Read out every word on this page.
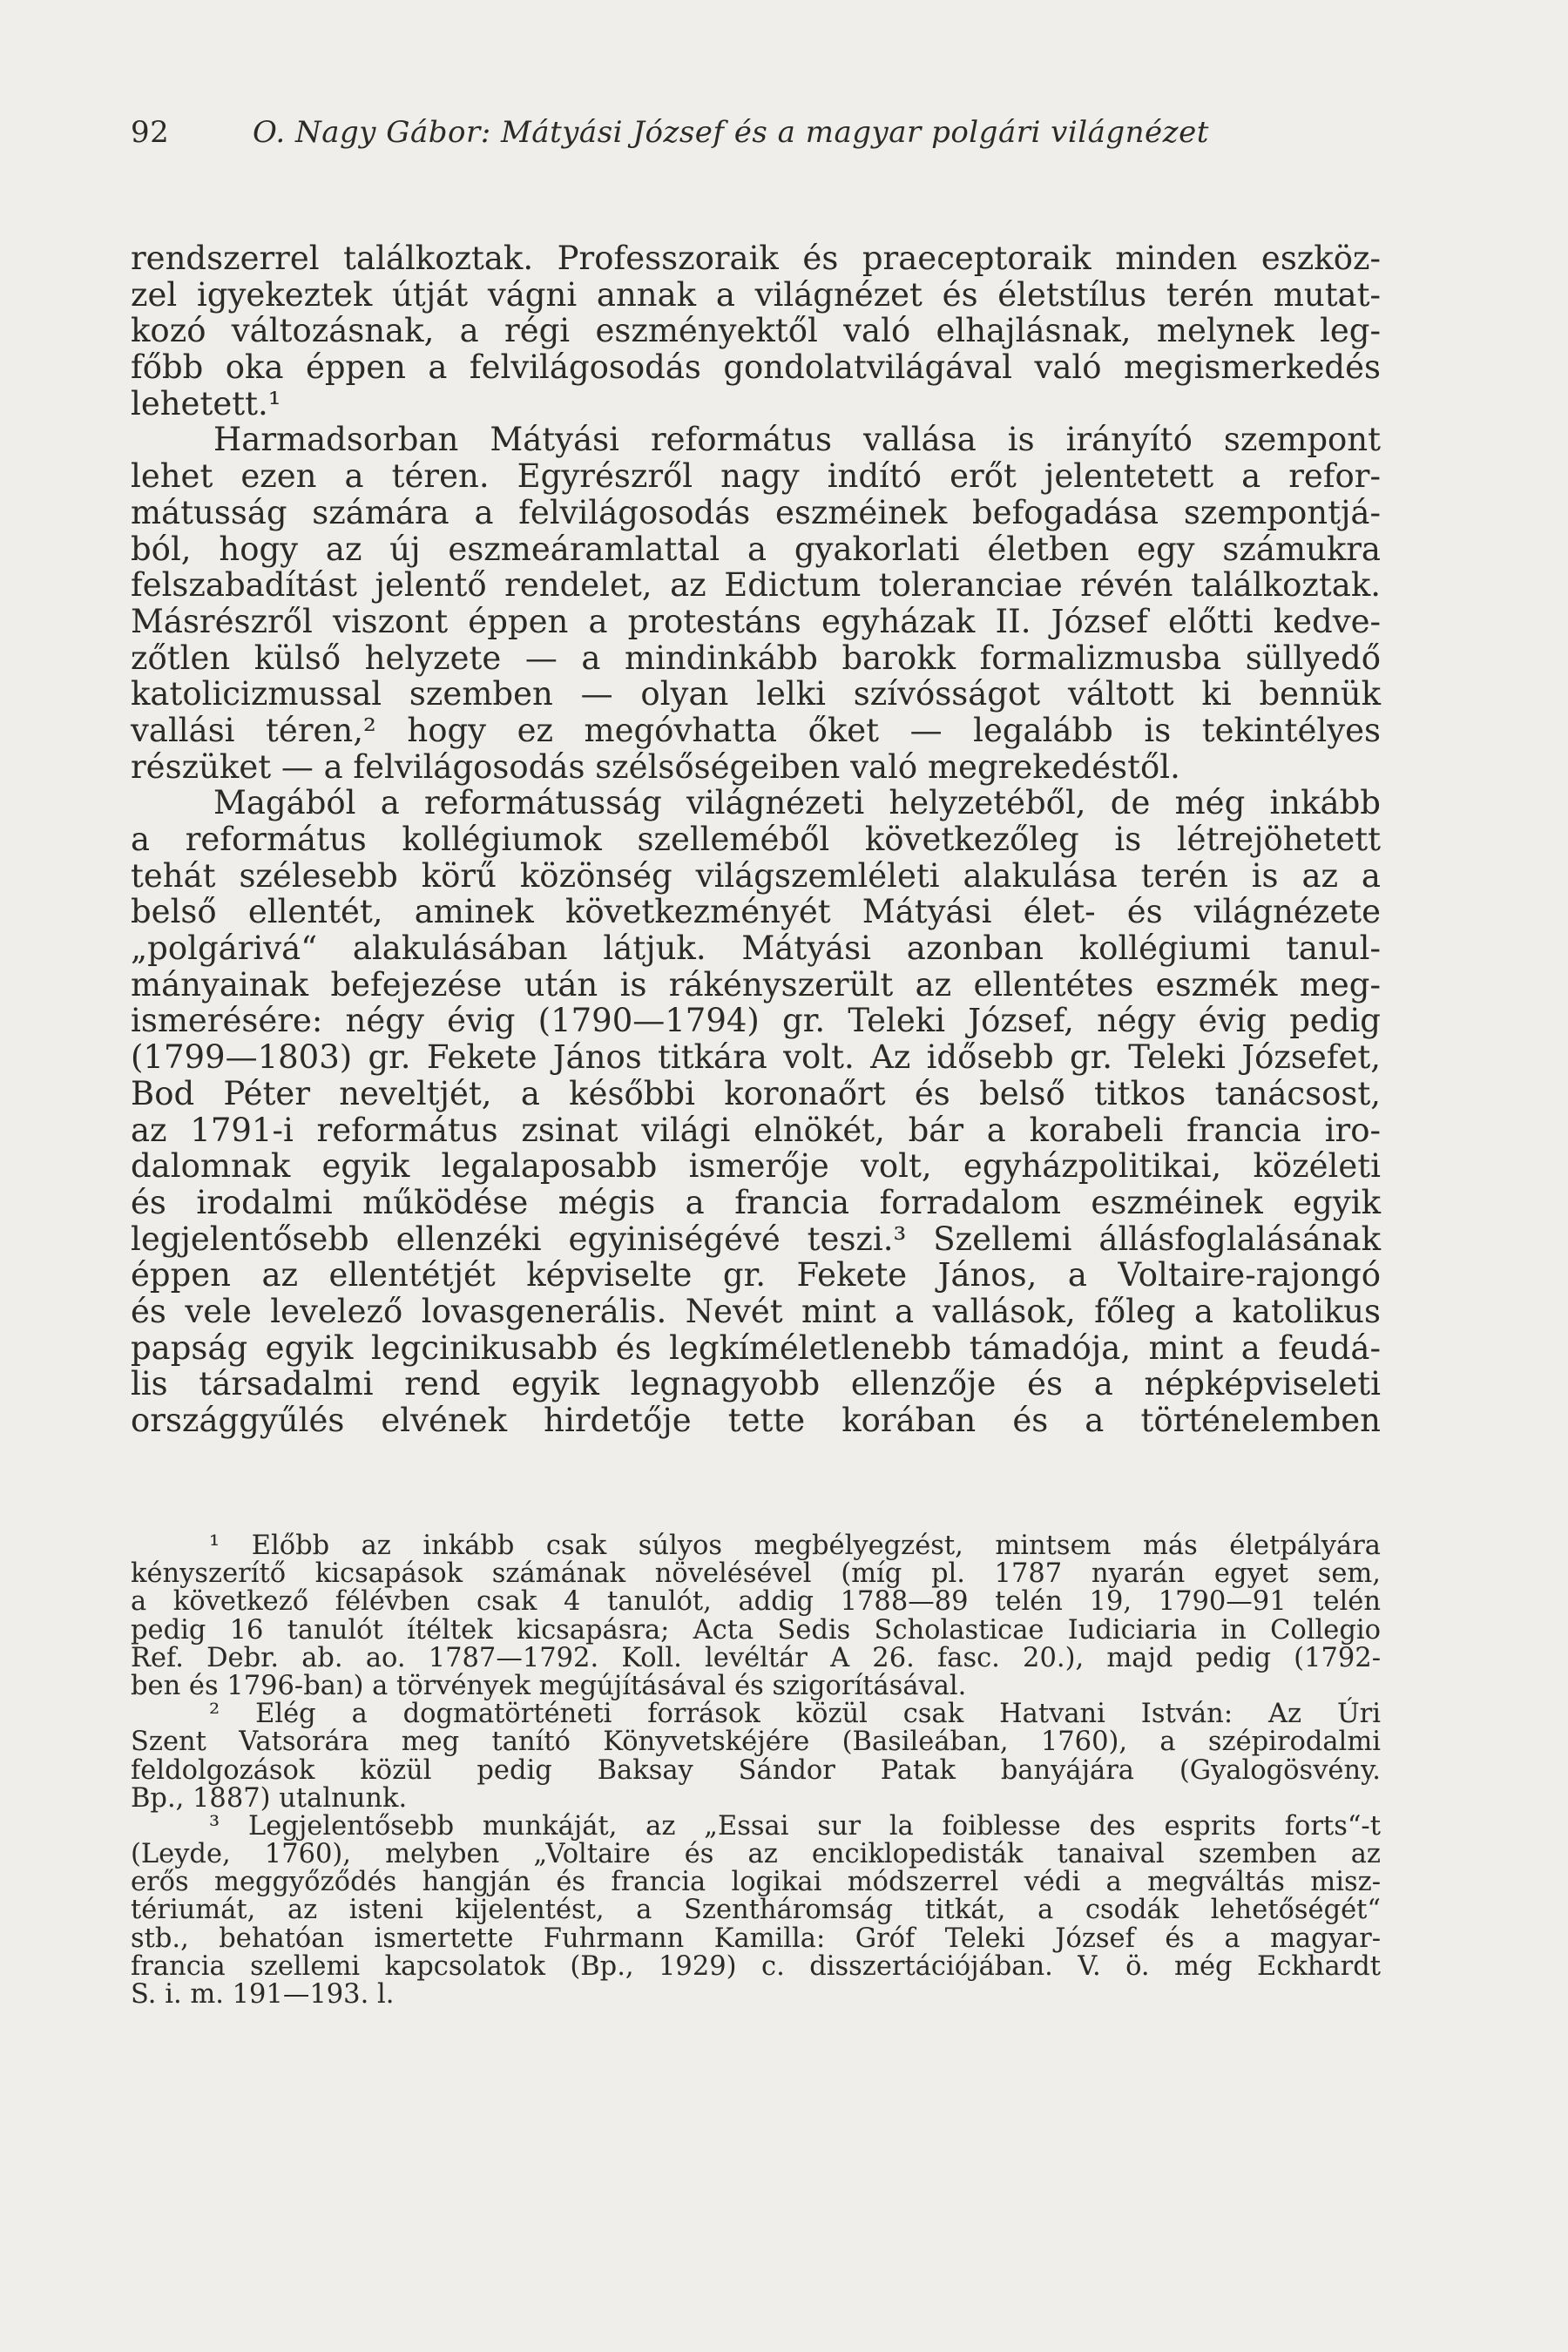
92	O. Nagy Gábor: Mátyási József és a magyar polgári világnézet
rendszerrel találkoztak. Professzoraik és praeceptoraik minden eszköz-
zel igyekeztek útját vágni annak a világnézet és életstílus terén mutat-
kozó változásnak, a régi eszményektől való elhajlásnak, melynek leg-
főbb oka éppen a felvilágosodás gondolatvilágával való megismerkedés
lehetett.¹
Harmadsorban Mátyási református vallása is irányító szempont
lehet ezen a téren. Egyrészről nagy indító erőt jelentetett a refor-
mátusság számára a felvilágosodás eszméinek befogadása szempontjá-
ból, hogy az új eszmeáramlattal a gyakorlati életben egy számukra
felszabadítást jelentő rendelet, az Edictum toleranciae révén találkoztak.
Másrészről viszont éppen a protestáns egyházak II. József előtti kedve-
zőtlen külső helyzete — a mindinkább barokk formalizmusba süllyedő
katolicizmussal szemben — olyan lelki szívósságot váltott ki bennük
vallási téren,² hogy ez megóvhatta őket — legalább is tekintélyes
részüket — a felvilágosodás szélsőségeiben való megrekedéstől.
Magából a reformátusság világnézeti helyzetéből, de még inkább
a református kollégiumok szelleméből következőleg is létrejöhetett
tehát szélesebb körű közönség világszemléleti alakulása terén is az a
belső ellentét, aminek következményét Mátyási élet- és világnézete
„polgárivá“ alakulásában látjuk. Mátyási azonban kollégiumi tanul-
mányainak befejezése után is rákényszerült az ellentétes eszmék meg-
ismerésére: négy évig (1790—1794) gr. Teleki József, négy évig pedig
(1799—1803) gr. Fekete János titkára volt. Az idősebb gr. Teleki Józsefet,
Bod Péter neveltjét, a későbbi koronaőrt és belső titkos tanácsost,
az 1791-i református zsinat világi elnökét, bár a korabeli francia iro-
dalomnak egyik legalaposabb ismerője volt, egyházpolitikai, közéleti
és irodalmi működése mégis a francia forradalom eszméinek egyik
legjelentősebb ellenzéki egyiniségévé teszi.³ Szellemi állásfoglalásának
éppen az ellentétjét képviselte gr. Fekete János, a Voltaire-rajongó
és vele levelező lovasgenerális. Nevét mint a vallások, főleg a katolikus
papság egyik legcinikusabb és legkíméletlenebb támadója, mint a feudá-
lis társadalmi rend egyik legnagyobb ellenzője és a népképviseleti
országgyűlés elvének hirdetője tette korában és a történelemben
¹ Előbb az inkább csak súlyos megbélyegzést, mintsem más életpályára
kényszerítő kicsapások számának növelésével (míg pl. 1787 nyarán egyet sem,
a következő félévben csak 4 tanulót, addig 1788—89 telén 19, 1790—91 telén
pedig 16 tanulót ítéltek kicsapásra; Acta Sedis Scholasticae Iudiciaria in Collegio
Ref. Debr. ab. ao. 1787—1792. Koll. levéltár A 26. fasc. 20.), majd pedig (1792-
ben és 1796-ban) a törvények megújításával és szigorításával.
² Elég a dogmatörténeti források közül csak Hatvani István: Az Úri
Szent Vatsorára meg tanító Könyvetskéjére (Basileában, 1760), a szépirodalmi
feldolgozások közül pedig Baksay Sándor Patak banyájára (Gyalogösvény.
Bp., 1887) utalnunk.
³ Legjelentősebb munkáját, az „Essai sur la foiblesse des esprits forts“-t
(Leyde, 1760), melyben „Voltaire és az enciklopedisták tanaival szemben az
erős meggyőződés hangján és francia logikai módszerrel védi a megváltás misz-
tériumát, az isteni kijelentést, a Szentháromság titkát, a csodák lehetőségét“
stb., behatóan ismertette Fuhrmann Kamilla: Gróf Teleki József és a magyar-
francia szellemi kapcsolatok (Bp., 1929) c. disszertációjában. V. ö. még Eckhardt
S. i. m. 191—193. l.
